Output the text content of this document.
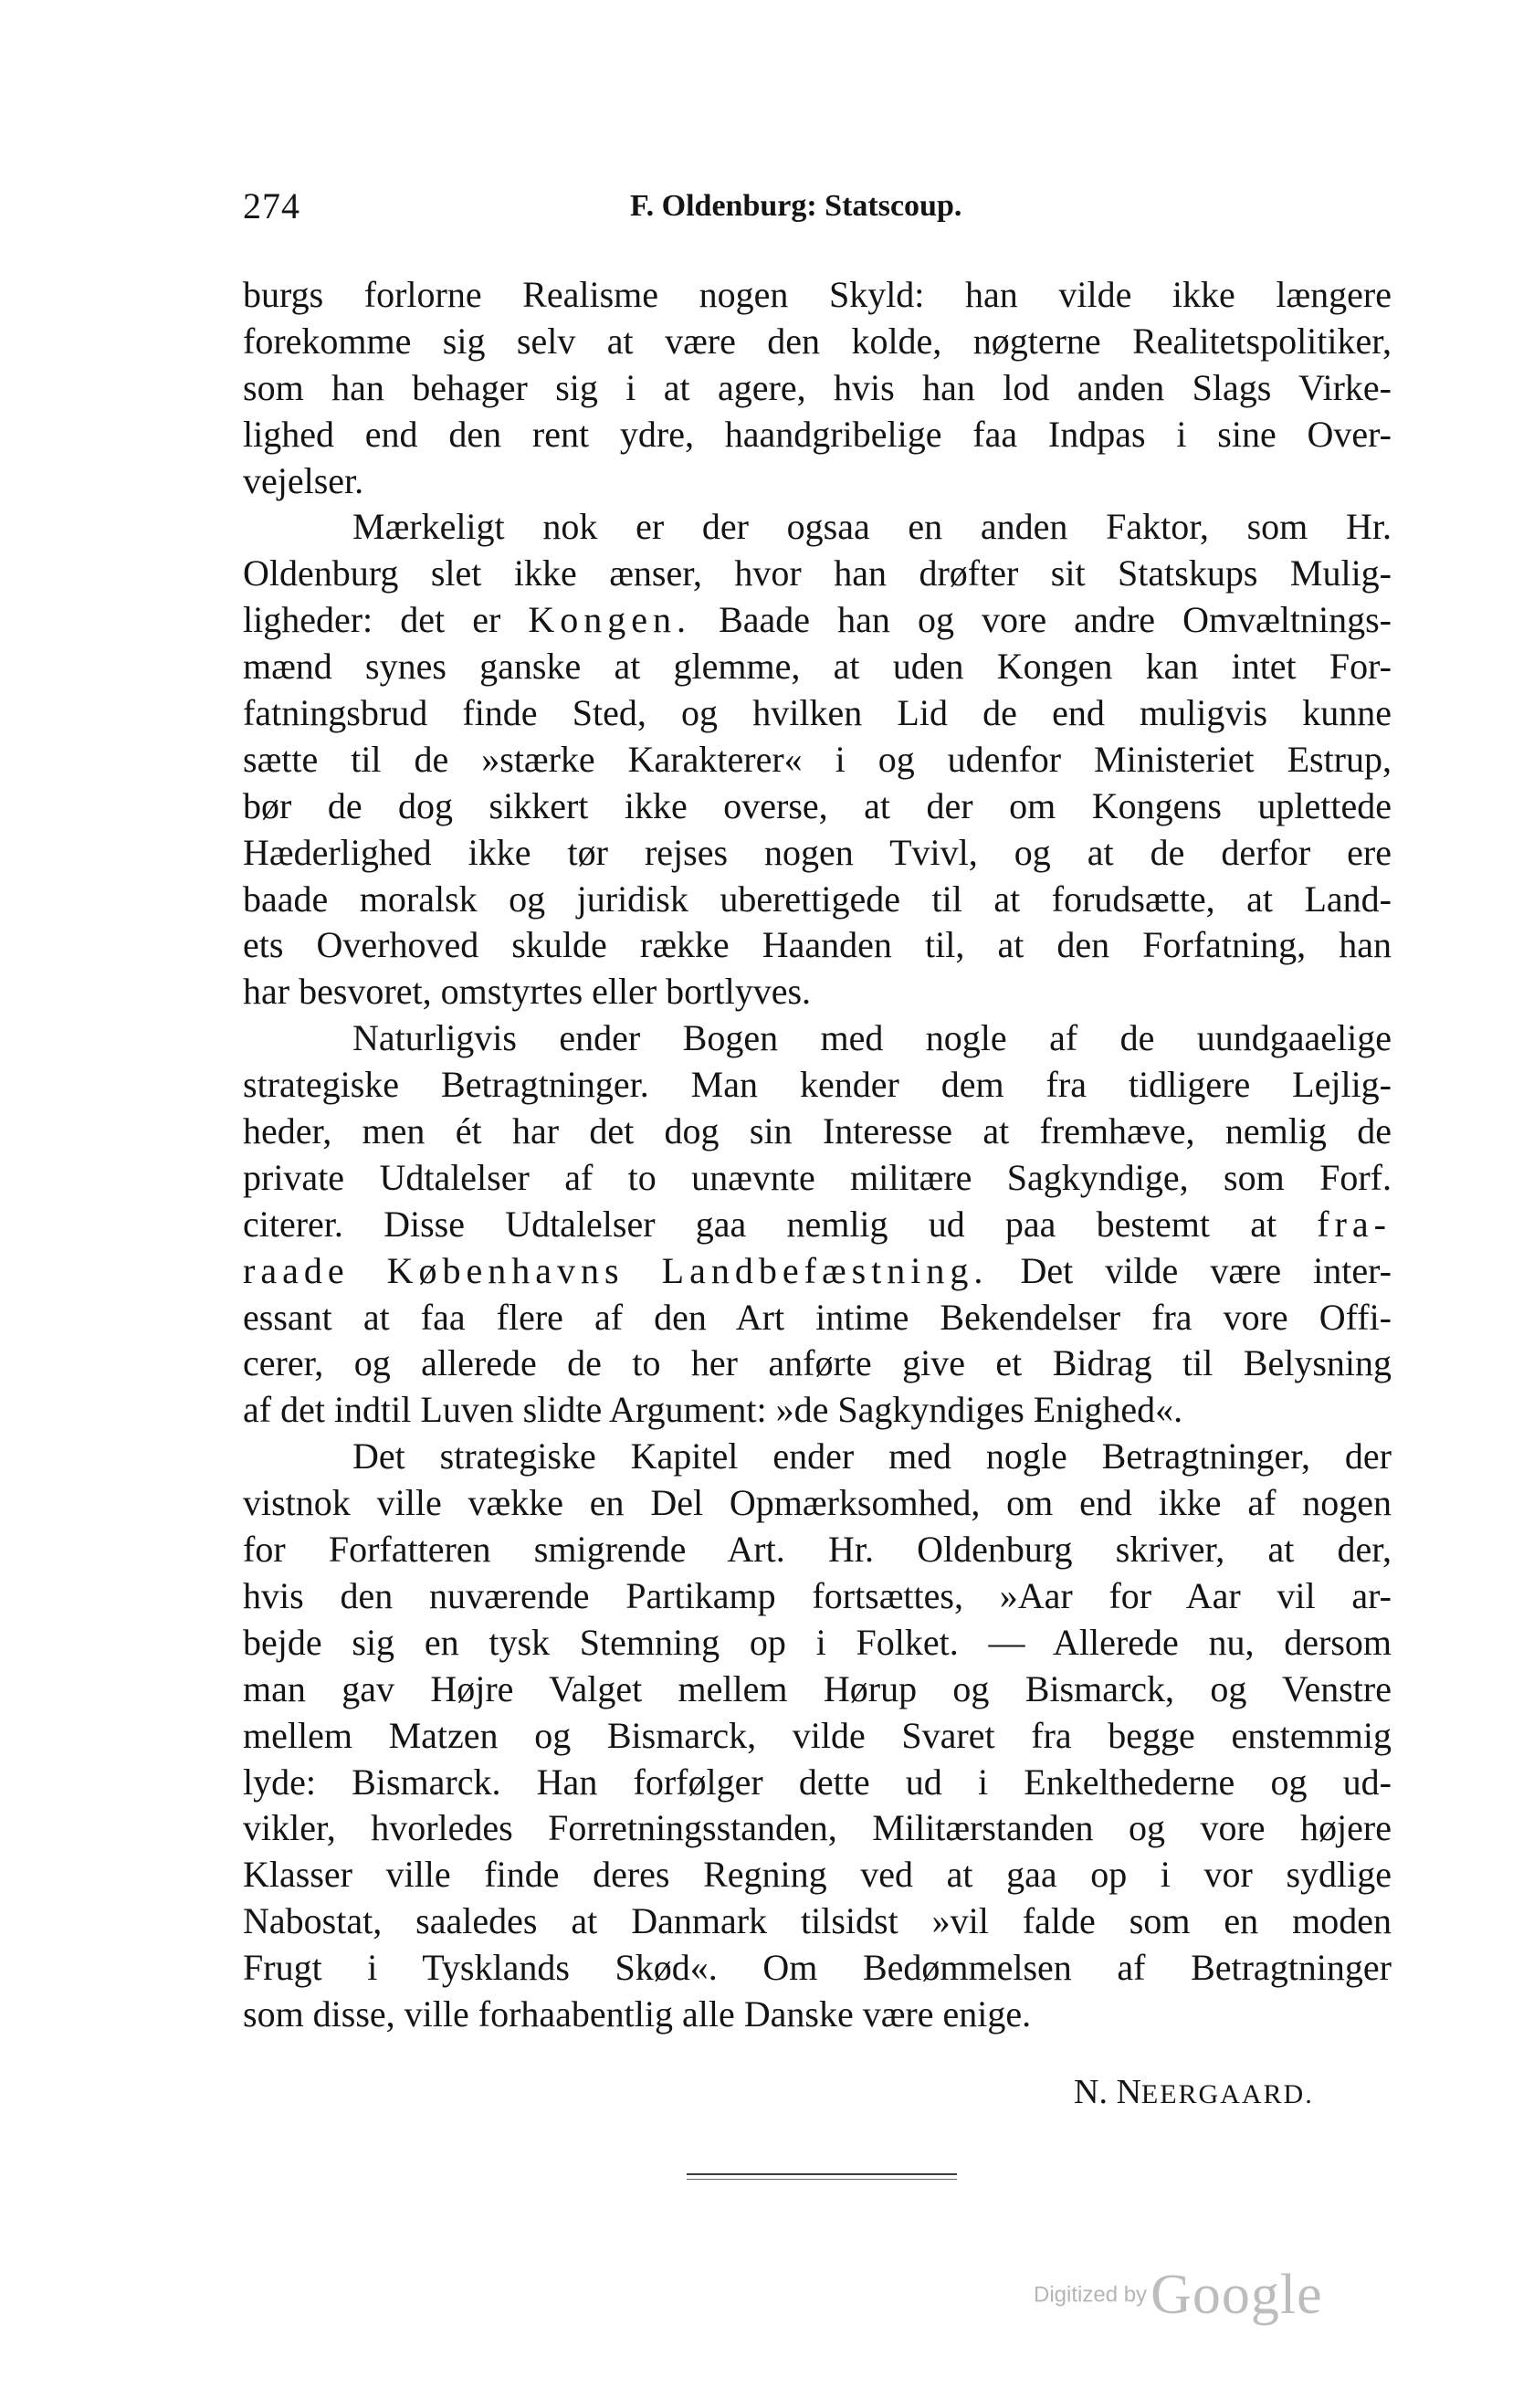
274	F. Oldenburg: Statscoup.
burgs forlorne Realisme nogen Skyld: han vilde ikke længere
forekomme sig selv at være den kolde, nøgterne Realitetspolitiker,
som han behager sig i at agere, hvis han lod anden Slags Virke-
lighed end den rent ydre, haandgribelige faa Indpas i sine Over-
vejelser.
Mærkeligt nok er der ogsaa en anden Faktor, som Hr.
Oldenburg slet ikke ænser, hvor han drøfter sit Statskups Mulig-
ligheder: det er Kongen. Baade han og vore andre Omvæltnings-
mænd synes ganske at glemme, at uden Kongen kan intet For-
fatningsbrud finde Sted, og hvilken Lid de end muligvis kunne
sætte til de »stærke Karakterer« i og udenfor Ministeriet Estrup,
bør de dog sikkert ikke overse, at der om Kongens uplettede
Hæderlighed ikke tør rejses nogen Tvivl, og at de derfor ere
baade moralsk og juridisk uberettigede til at forudsætte, at Land-
ets Overhoved skulde række Haanden til, at den Forfatning, han
har besvoret, omstyrtes eller bortlyves.
Naturligvis ender Bogen med nogle af de uundgaaelige
strategiske Betragtninger. Man kender dem fra tidligere Lejlig-
heder, men ét har det dog sin Interesse at fremhæve, nemlig de
private Udtalelser af to unævnte militære Sagkyndige, som Forf.
citerer. Disse Udtalelser gaa nemlig ud paa bestemt at fra-
raade Københavns Landbefæstning. Det vilde være inter-
essant at faa flere af den Art intime Bekendelser fra vore Offi-
cerer, og allerede de to her anførte give et Bidrag til Belysning
af det indtil Luven slidte Argument: »de Sagkyndiges Enighed«.
Det strategiske Kapitel ender med nogle Betragtninger, der
vistnok ville vække en Del Opmærksomhed, om end ikke af nogen
for Forfatteren smigrende Art. Hr. Oldenburg skriver, at der,
hvis den nuværende Partikamp fortsættes, »Aar for Aar vil ar-
bejde sig en tysk Stemning op i Folket. — Allerede nu, dersom
man gav Højre Valget mellem Hørup og Bismarck, og Venstre
mellem Matzen og Bismarck, vilde Svaret fra begge enstemmig
lyde: Bismarck. Han forfølger dette ud i Enkelthederne og ud-
vikler, hvorledes Forretningsstanden, Militærstanden og vore højere
Klasser ville finde deres Regning ved at gaa op i vor sydlige
Nabostat, saaledes at Danmark tilsidst »vil falde som en moden
Frugt i Tysklands Skød«. Om Bedømmelsen af Betragtninger
som disse, ville forhaabentlig alle Danske være enige.
N. NEERGAARD.
Digitized by Google
